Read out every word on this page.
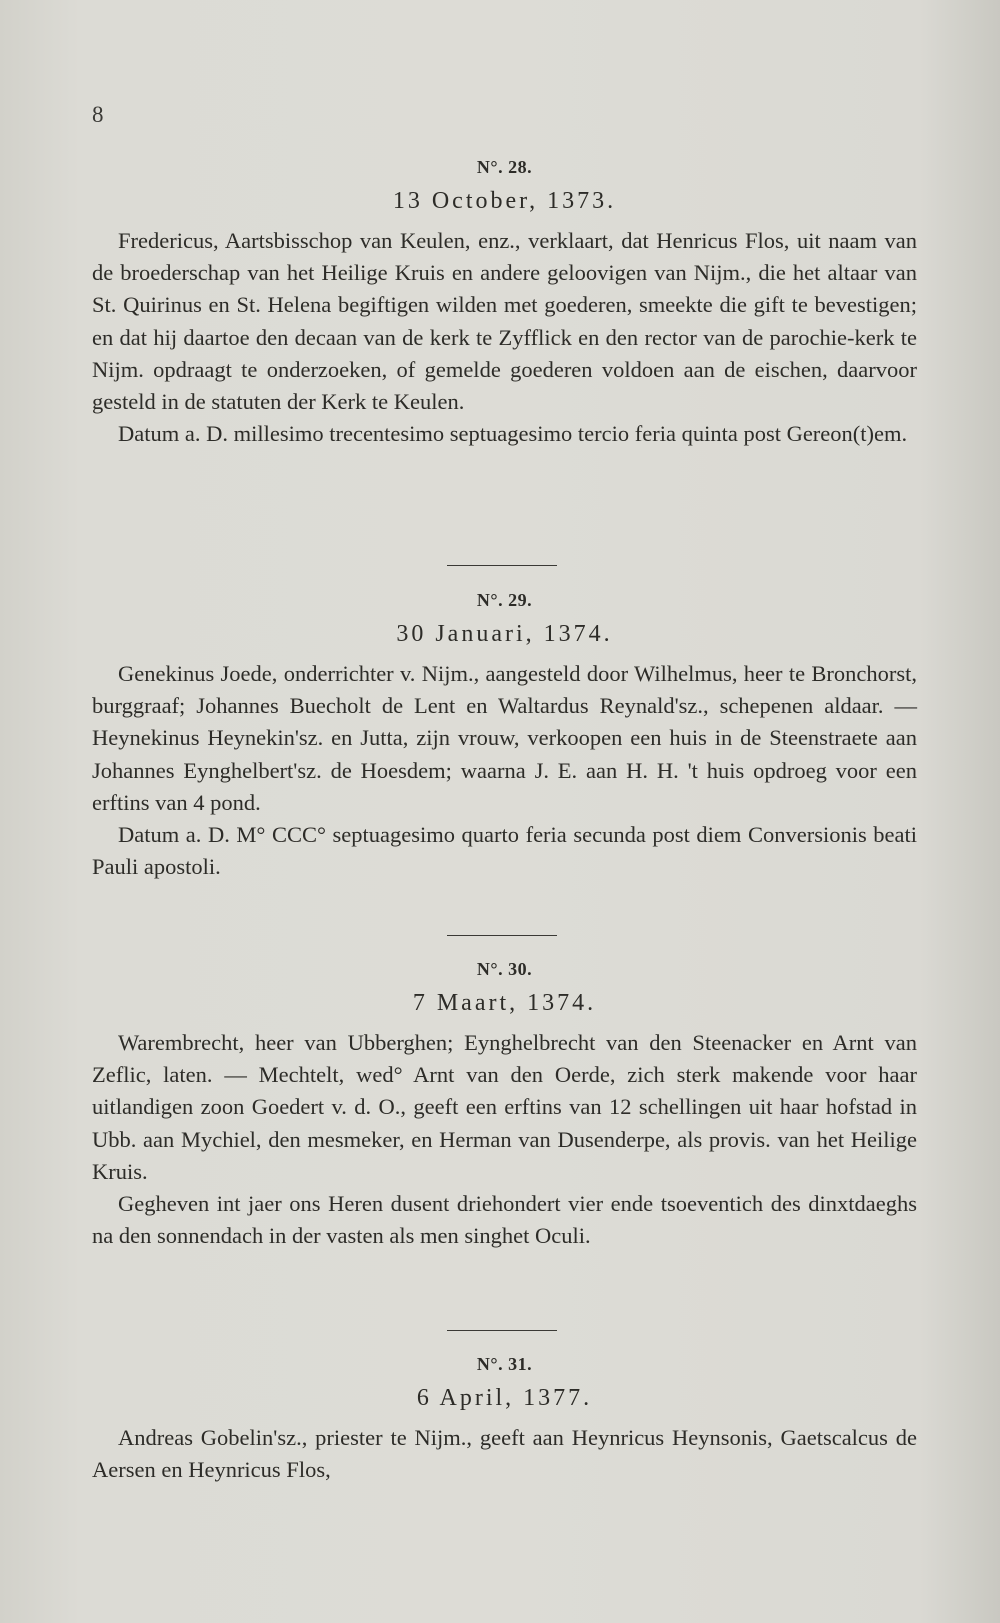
8
N°. 28.
13 October, 1373.

Fredericus, Aartsbisschop van Keulen, enz., verklaart, dat Henricus Flos, uit naam van de broederschap van het Heilige Kruis en andere geloovigen van Nijm., die het altaar van St. Quirinus en St. Helena begiftigen wilden met goederen, smeekte die gift te bevestigen; en dat hij daartoe den decaan van de kerk te Zyfflick en den rector van de parochie-kerk te Nijm. opdraagt te onderzoeken, of gemelde goederen voldoen aan de eischen, daarvoor gesteld in de statuten der Kerk te Keulen.

Datum a. D. millesimo trecentesimo septuagesimo tercio feria quinta post Gereon(t)em.

N°. 29.
30 Januari, 1374.

Genekinus Joede, onderrichter v. Nijm., aangesteld door Wilhelmus, heer te Bronchorst, burggraaf; Johannes Buecholt de Lent en Waltardus Reynald'sz., schepenen aldaar. — Heynekinus Heynekin'sz. en Jutta, zijn vrouw, verkoopen een huis in de Steenstraete aan Johannes Eynghelbert'sz. de Hoesdem; waarna J. E. aan H. H. 't huis opdroeg voor een erftins van 4 pond.

Datum a. D. M° CCC° septuagesimo quarto feria secunda post diem Conversionis beati Pauli apostoli.

N°. 30.
7 Maart, 1374.

Warembrecht, heer van Ubberghen; Eynghelbrecht van den Steenacker en Arnt van Zeflic, laten. — Mechtelt, wed° Arnt van den Oerde, zich sterk makende voor haar uitlandigen zoon Goedert v. d. O., geeft een erftins van 12 schellingen uit haar hofstad in Ubb. aan Mychiel, den mesmeker, en Herman van Dusenderpe, als provis. van het Heilige Kruis.

Gegheven int jaer ons Heren dusent driehondert vier ende tsoeventich des dinxtdaeghs na den sonnendach in der vasten als men singhet Oculi.

N°. 31.
6 April, 1377.

Andreas Gobelin'sz., priester te Nijm., geeft aan Heynricus Heynsonis, Gaetscalcus de Aersen en Heynricus Flos,
